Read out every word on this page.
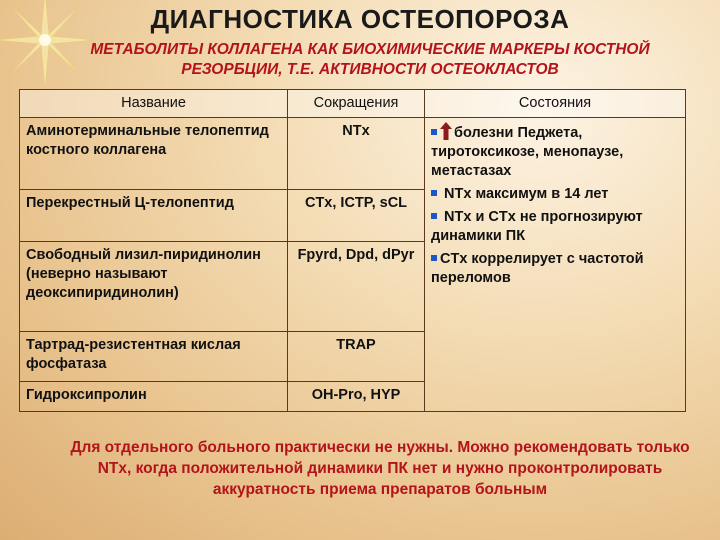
ДИАГНОСТИКА ОСТЕОПОРОЗА
МЕТАБОЛИТЫ КОЛЛАГЕНА КАК БИОХИМИЧЕСКИЕ МАРКЕРЫ КОСТНОЙ РЕЗОРБЦИИ, Т.Е. АКТИВНОСТИ ОСТЕОКЛАСТОВ
Название	Сокращения	Состояния
Аминотерминальные телопептид костного коллагена	NTx	болезни Педжета, тиротоксикозе, менопаузе, метастазах
NTx максимум в 14 лет
NTx и CTx не прогнозируют динамики ПК
CTx коррелирует с частотой переломов

Перекрестный Ц-телопептид	CTx, ICTP, sCL	
Свободный лизил-пиридинолин (неверно называют деоксипиридинолин)	Fpyrd, Dpd, dPyr	
Тартрад-резистентная кислая фосфатаза	TRAP	
Гидроксипролин	OH-Pro, HYP	

Для отдельного больного практически не нужны. Можно рекомендовать только NTx, когда положительной динамики ПК нет и нужно проконтролировать аккуратность приема препаратов больным
